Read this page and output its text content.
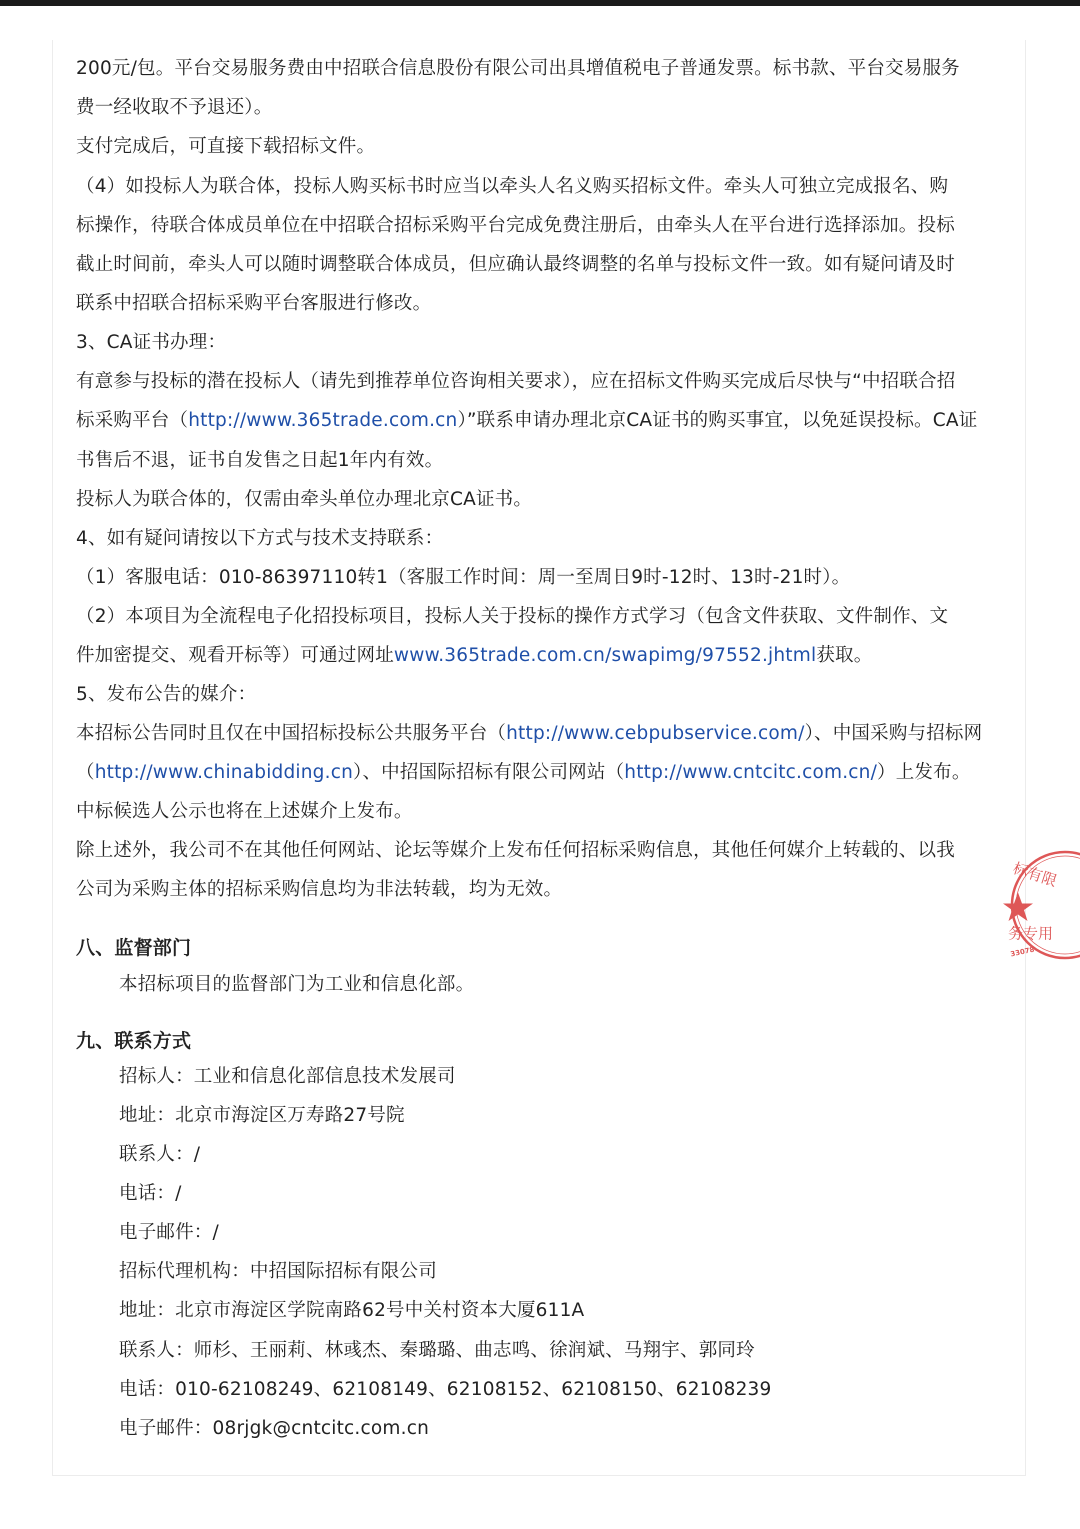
200元/包。平台交易服务费由中招联合信息股份有限公司出具增值税电子普通发票。标书款、平台交易服务
费一经收取不予退还）。
支付完成后，可直接下载招标文件。
（4）如投标人为联合体，投标人购买标书时应当以牵头人名义购买招标文件。牵头人可独立完成报名、购
标操作，待联合体成员单位在中招联合招标采购平台完成免费注册后，由牵头人在平台进行选择添加。投标
截止时间前，牵头人可以随时调整联合体成员，但应确认最终调整的名单与投标文件一致。如有疑问请及时
联系中招联合招标采购平台客服进行修改。
3、CA证书办理：
有意参与投标的潜在投标人（请先到推荐单位咨询相关要求），应在招标文件购买完成后尽快与“中招联合招
标采购平台（http://www.365trade.com.cn）”联系申请办理北京CA证书的购买事宜，以免延误投标。CA证
书售后不退，证书自发售之日起1年内有效。
投标人为联合体的，仅需由牵头单位办理北京CA证书。
4、如有疑问请按以下方式与技术支持联系：
（1）客服电话：010-86397110转1（客服工作时间：周一至周日9时-12时、13时-21时）。
（2）本项目为全流程电子化招投标项目，投标人关于投标的操作方式学习（包含文件获取、文件制作、文
件加密提交、观看开标等）可通过网址www.365trade.com.cn/swapimg/97552.jhtml获取。
5、发布公告的媒介：
本招标公告同时且仅在中国招标投标公共服务平台（http://www.cebpubservice.com/）、中国采购与招标网
（http://www.chinabidding.cn）、中招国际招标有限公司网站（http://www.cntcitc.com.cn/）上发布。
中标候选人公示也将在上述媒介上发布。
除上述外，我公司不在其他任何网站、论坛等媒介上发布任何招标采购信息，其他任何媒介上转载的、以我
公司为采购主体的招标采购信息均为非法转载，均为无效。
八、监督部门
本招标项目的监督部门为工业和信息化部。
九、联系方式
招标人：工业和信息化部信息技术发展司
地址：北京市海淀区万寿路27号院
联系人：/
电话：/
电子邮件：/
招标代理机构：中招国际招标有限公司
地址：北京市海淀区学院南路62号中关村资本大厦611A
联系人：师杉、王丽莉、林彧杰、秦璐璐、曲志鸣、徐润斌、马翔宇、郭同玲
电话：010-62108249、62108149、62108152、62108150、62108239
电子邮件：08rjgk@cntcitc.com.cn
标有限
务专用
33078
